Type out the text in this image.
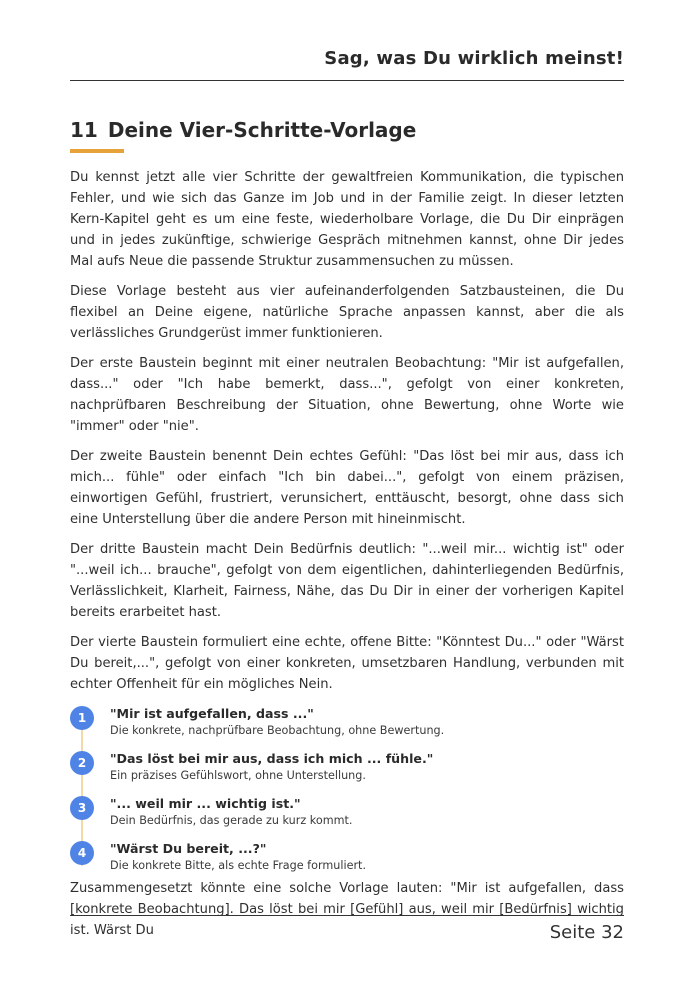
Sag, was Du wirklich meinst!
11 Deine Vier-Schritte-Vorlage

Du kennst jetzt alle vier Schritte der gewaltfreien Kommunikation, die typischen Fehler, und wie sich das Ganze im Job und in der Familie zeigt. In dieser letzten Kern-Kapitel geht es um eine feste, wiederholbare Vorlage, die Du Dir einprägen und in jedes zukünftige, schwierige Gespräch mitnehmen kannst, ohne Dir jedes Mal aufs Neue die passende Struktur zusammensuchen zu müssen.

Diese Vorlage besteht aus vier aufeinanderfolgenden Satzbausteinen, die Du flexibel an Deine eigene, natürliche Sprache anpassen kannst, aber die als verlässliches Grundgerüst immer funktionieren.

Der erste Baustein beginnt mit einer neutralen Beobachtung: "Mir ist aufgefallen, dass..." oder "Ich habe bemerkt, dass...", gefolgt von einer konkreten, nachprüfbaren Beschreibung der Situation, ohne Bewertung, ohne Worte wie "immer" oder "nie".

Der zweite Baustein benennt Dein echtes Gefühl: "Das löst bei mir aus, dass ich mich... fühle" oder einfach "Ich bin dabei...", gefolgt von einem präzisen, einwortigen Gefühl, frustriert, verunsichert, enttäuscht, besorgt, ohne dass sich eine Unterstellung über die andere Person mit hineinmischt.

Der dritte Baustein macht Dein Bedürfnis deutlich: "...weil mir... wichtig ist" oder "...weil ich... brauche", gefolgt von dem eigentlichen, dahinterliegenden Bedürfnis, Verlässlichkeit, Klarheit, Fairness, Nähe, das Du Dir in einer der vorherigen Kapitel bereits erarbeitet hast.

Der vierte Baustein formuliert eine echte, offene Bitte: "Könntest Du..." oder "Wärst Du bereit,...", gefolgt von einer konkreten, umsetzbaren Handlung, verbunden mit echter Offenheit für ein mögliches Nein.

1	"Mir ist aufgefallen, dass ..."
Die konkrete, nachprüfbare Beobachtung, ohne Bewertung.
2	"Das löst bei mir aus, dass ich mich ... fühle."
Ein präzises Gefühlswort, ohne Unterstellung.
3	"... weil mir ... wichtig ist."
Dein Bedürfnis, das gerade zu kurz kommt.
4	"Wärst Du bereit, ...?"
Die konkrete Bitte, als echte Frage formuliert.

Zusammengesetzt könnte eine solche Vorlage lauten: "Mir ist aufgefallen, dass [konkrete Beobachtung]. Das löst bei mir [Gefühl] aus, weil mir [Bedürfnis] wichtig ist. Wärst Du	Seite 32
